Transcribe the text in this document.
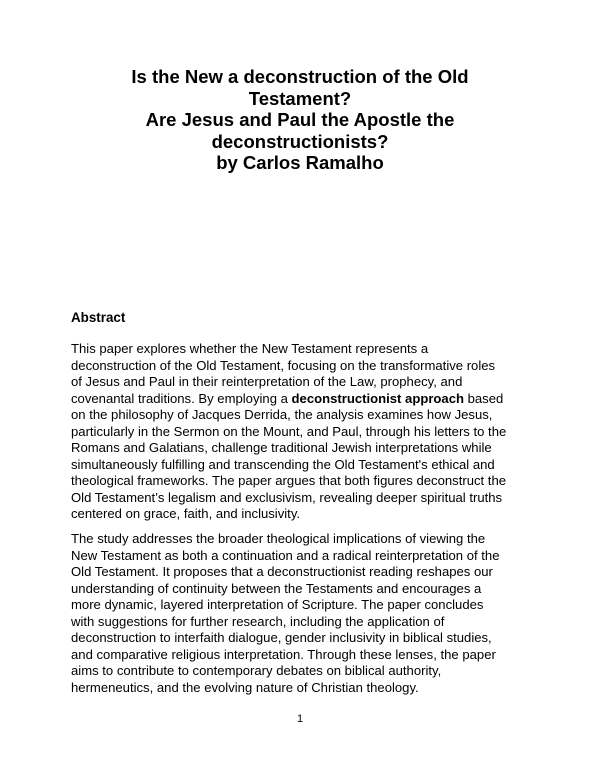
Is the New a deconstruction of the Old
Testament?
Are Jesus and Paul the Apostle the
deconstructionists?
by Carlos Ramalho
Abstract
This paper explores whether the New Testament represents a
deconstruction of the Old Testament, focusing on the transformative roles
of Jesus and Paul in their reinterpretation of the Law, prophecy, and
covenantal traditions. By employing a deconstructionist approach based
on the philosophy of Jacques Derrida, the analysis examines how Jesus,
particularly in the Sermon on the Mount, and Paul, through his letters to the
Romans and Galatians, challenge traditional Jewish interpretations while
simultaneously fulfilling and transcending the Old Testament's ethical and
theological frameworks. The paper argues that both figures deconstruct the
Old Testament’s legalism and exclusivism, revealing deeper spiritual truths
centered on grace, faith, and inclusivity.
The study addresses the broader theological implications of viewing the
New Testament as both a continuation and a radical reinterpretation of the
Old Testament. It proposes that a deconstructionist reading reshapes our
understanding of continuity between the Testaments and encourages a
more dynamic, layered interpretation of Scripture. The paper concludes
with suggestions for further research, including the application of
deconstruction to interfaith dialogue, gender inclusivity in biblical studies,
and comparative religious interpretation. Through these lenses, the paper
aims to contribute to contemporary debates on biblical authority,
hermeneutics, and the evolving nature of Christian theology.
1
